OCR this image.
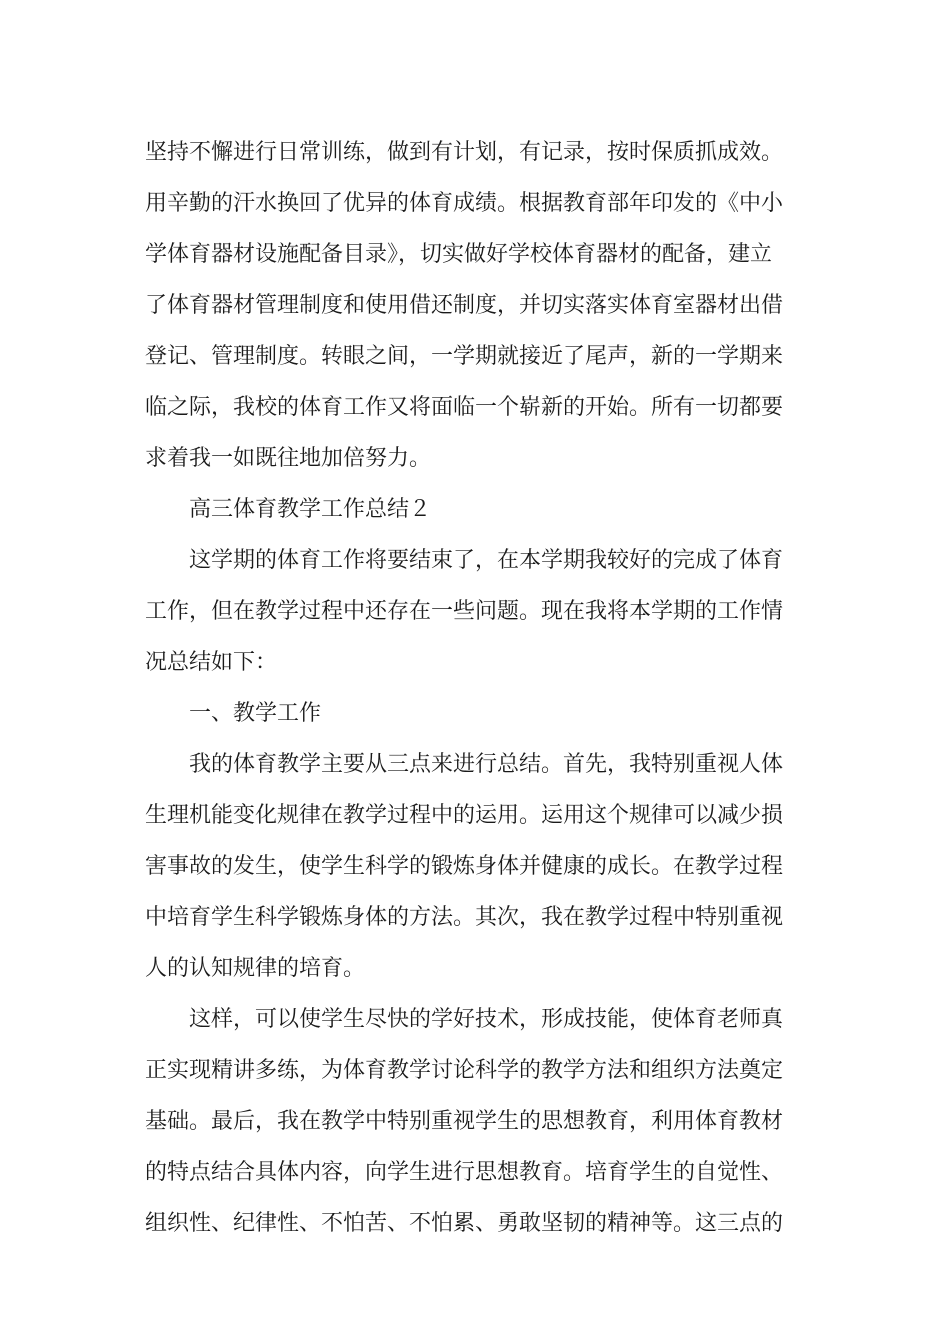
坚持不懈进行日常训练，做到有计划，有记录，按时保质抓成效。
用辛勤的汗水换回了优异的体育成绩。根据教育部年印发的《中小
学体育器材设施配备目录》，切实做好学校体育器材的配备，建立
了体育器材管理制度和使用借还制度，并切实落实体育室器材出借
登记、管理制度。转眼之间，一学期就接近了尾声，新的一学期来
临之际，我校的体育工作又将面临一个崭新的开始。所有一切都要
求着我一如既往地加倍努力。
高三体育教学工作总结２
这学期的体育工作将要结束了，在本学期我较好的完成了体育
工作，但在教学过程中还存在一些问题。现在我将本学期的工作情
况总结如下：
一、教学工作
我的体育教学主要从三点来进行总结。首先，我特别重视人体
生理机能变化规律在教学过程中的运用。运用这个规律可以减少损
害事故的发生，使学生科学的锻炼身体并健康的成长。在教学过程
中培育学生科学锻炼身体的方法。其次，我在教学过程中特别重视
人的认知规律的培育。
这样，可以使学生尽快的学好技术，形成技能，使体育老师真
正实现精讲多练，为体育教学讨论科学的教学方法和组织方法奠定
基础。最后，我在教学中特别重视学生的思想教育，利用体育教材
的特点结合具体内容，向学生进行思想教育。培育学生的自觉性、
组织性、纪律性、不怕苦、不怕累、勇敢坚韧的精神等。这三点的
